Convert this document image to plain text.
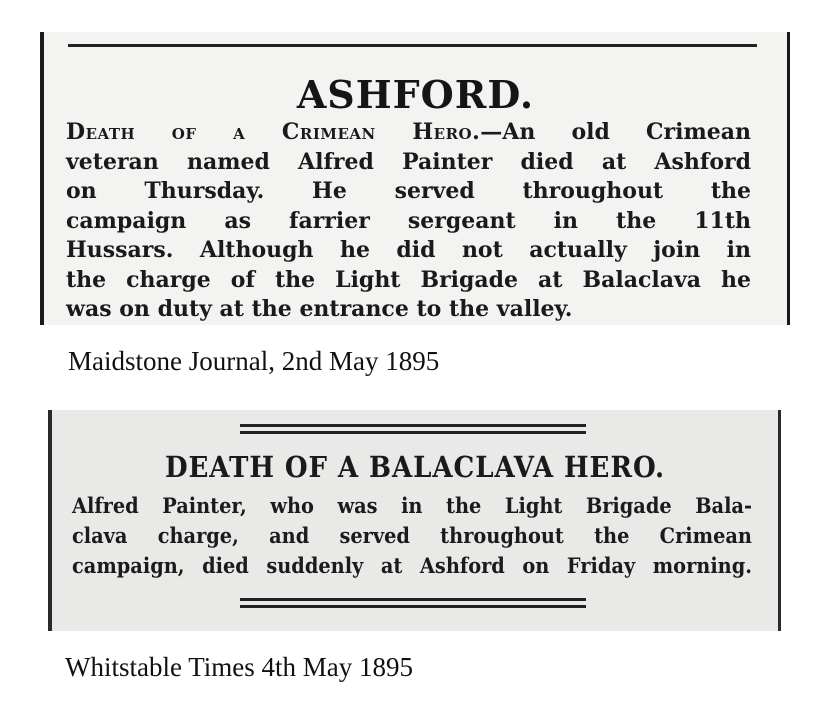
ASHFORD.
Death of a Crimean Hero.—An old Crimean
veteran named Alfred Painter died at Ashford
on Thursday. He served throughout the
campaign as farrier sergeant in the 11th
Hussars. Although he did not actually join in
the charge of the Light Brigade at Balaclava he
was on duty at the entrance to the valley.
Maidstone Journal, 2nd May 1895
DEATH OF A BALACLAVA HERO.
Alfred Painter, who was in the Light Brigade Bala-
clava charge, and served throughout the Crimean
campaign, died suddenly at Ashford on Friday morning.
Whitstable Times 4th May 1895
